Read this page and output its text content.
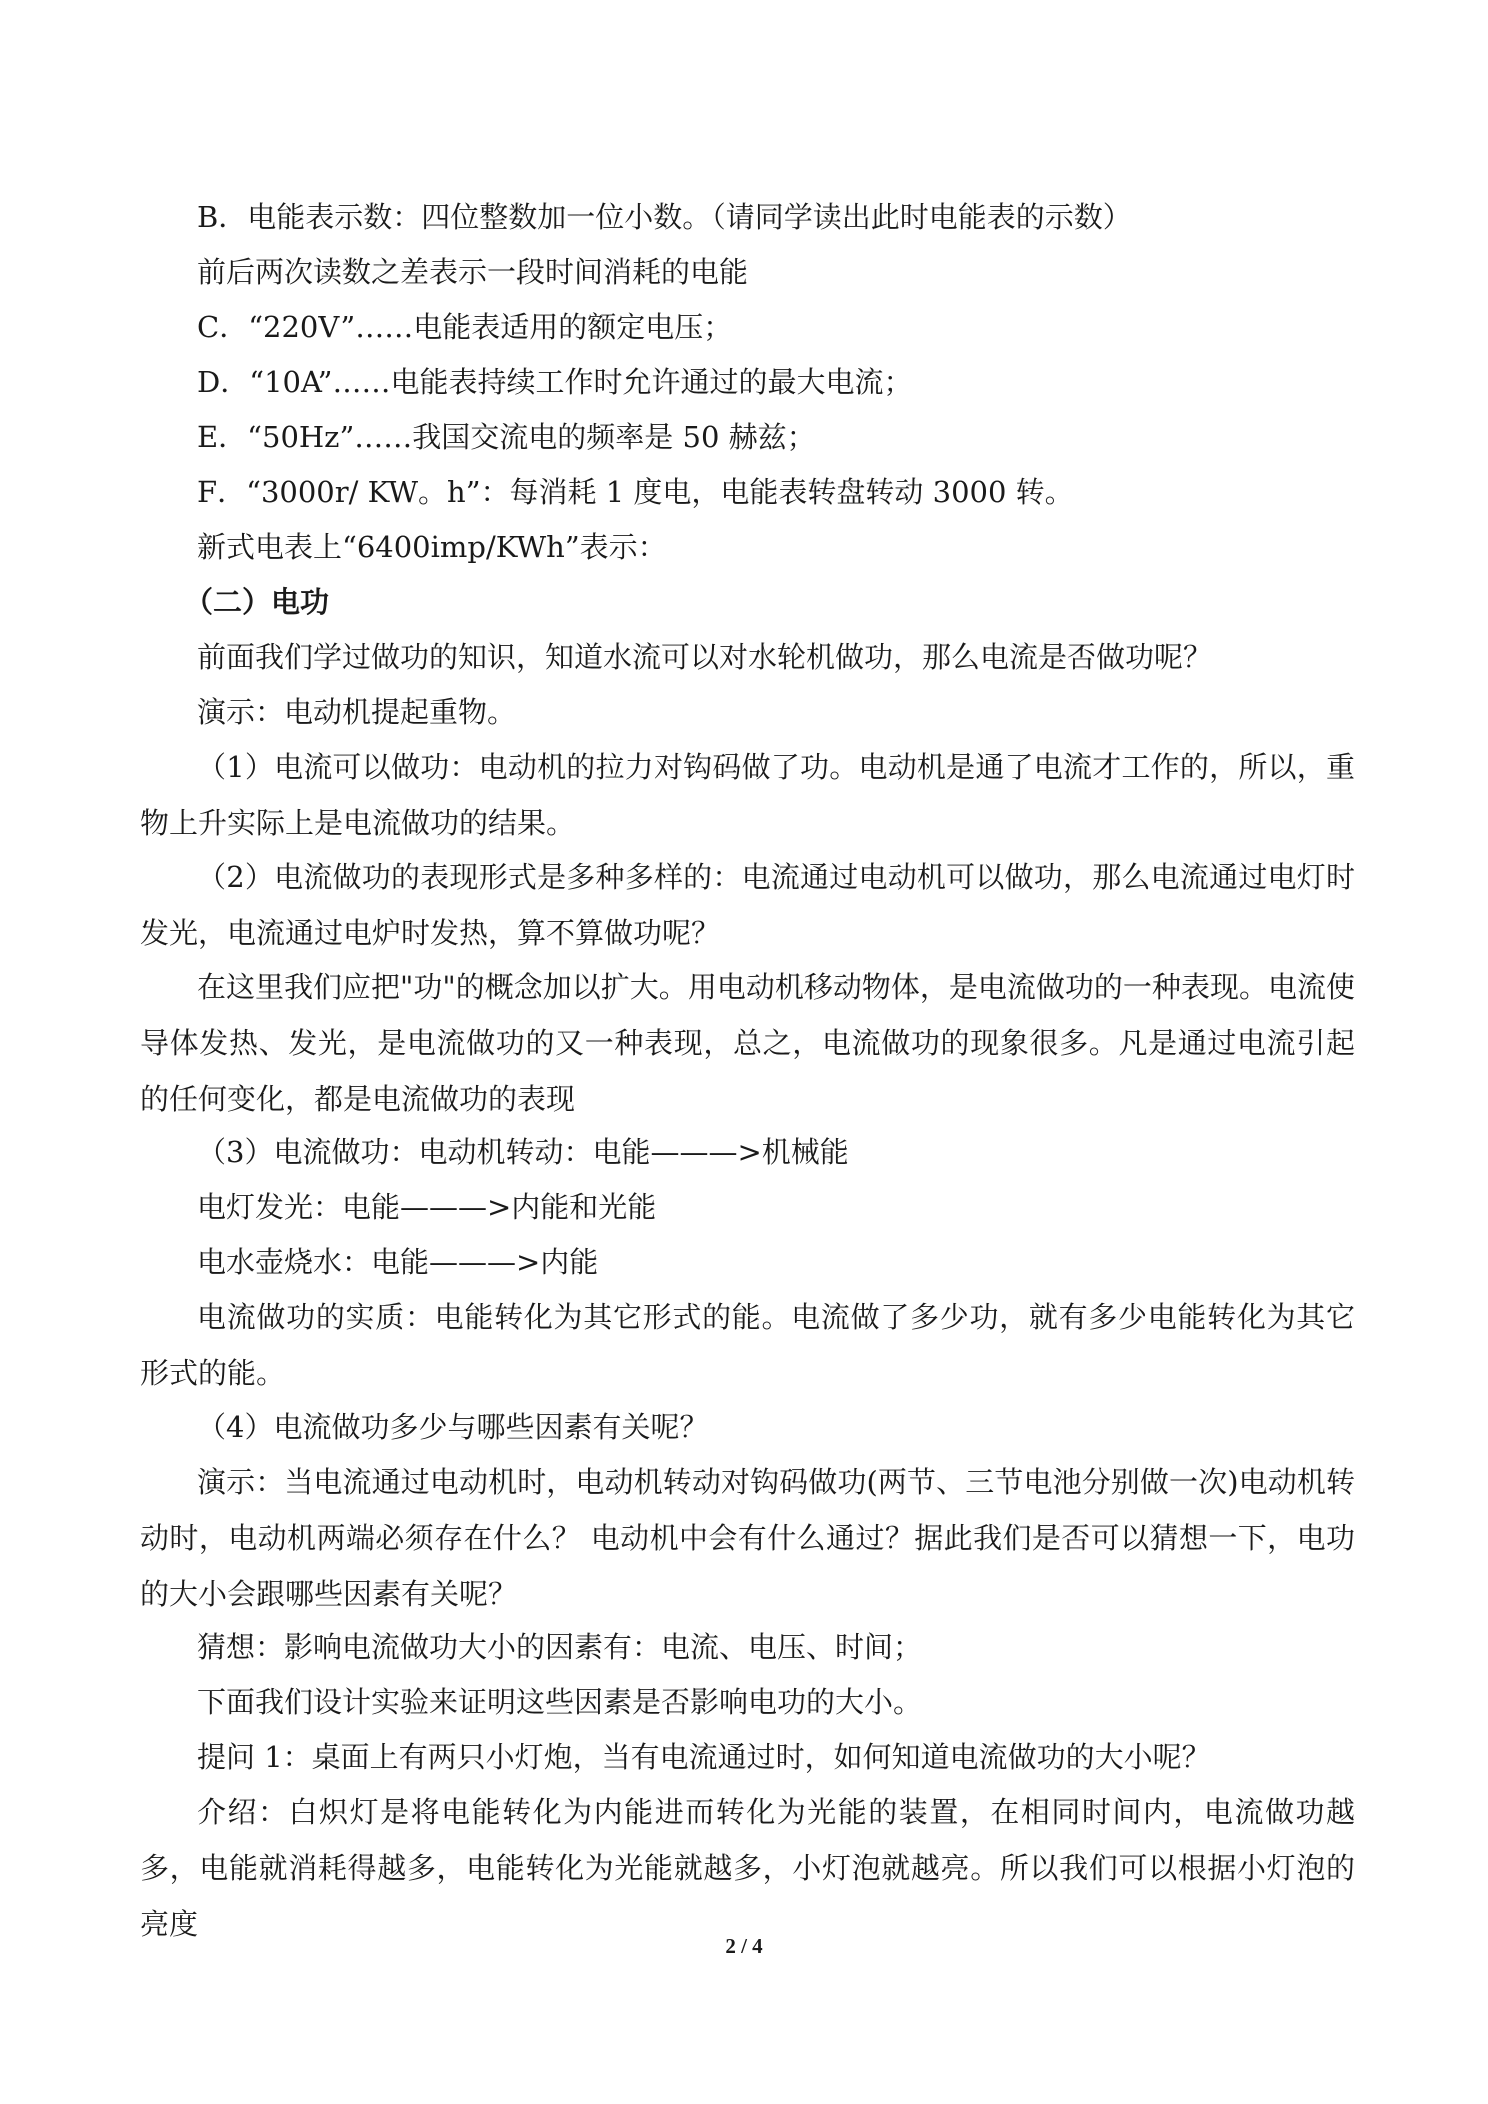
B．电能表示数：四位整数加一位小数。（请同学读出此时电能表的示数）
前后两次读数之差表示一段时间消耗的电能
C．“220V”……电能表适用的额定电压；
D．“10A”……电能表持续工作时允许通过的最大电流；
E．“50Hz”……我国交流电的频率是 50 赫兹；
F．“3000r/ KW。h”：每消耗 1 度电，电能表转盘转动 3000 转。
新式电表上“6400imp/KWh”表示：
（二）电功
前面我们学过做功的知识，知道水流可以对水轮机做功，那么电流是否做功呢？
演示：电动机提起重物。
（1）电流可以做功：电动机的拉力对钩码做了功。电动机是通了电流才工作的，所以，重物上升实际上是电流做功的结果。
（2）电流做功的表现形式是多种多样的：电流通过电动机可以做功，那么电流通过电灯时发光，电流通过电炉时发热，算不算做功呢？
在这里我们应把"功"的概念加以扩大。用电动机移动物体，是电流做功的一种表现。电流使导体发热、发光，是电流做功的又一种表现，总之，电流做功的现象很多。凡是通过电流引起的任何变化，都是电流做功的表现
（3）电流做功：电动机转动：电能———>机械能
电灯发光：电能———>内能和光能
电水壶烧水：电能———>内能
电流做功的实质：电能转化为其它形式的能。电流做了多少功，就有多少电能转化为其它形式的能。
（4）电流做功多少与哪些因素有关呢？
演示：当电流通过电动机时，电动机转动对钩码做功(两节、三节电池分别做一次)电动机转动时，电动机两端必须存在什么？ 电动机中会有什么通过？据此我们是否可以猜想一下，电功的大小会跟哪些因素有关呢？
猜想：影响电流做功大小的因素有：电流、电压、时间；
下面我们设计实验来证明这些因素是否影响电功的大小。
提问 1：桌面上有两只小灯炮，当有电流通过时，如何知道电流做功的大小呢？
介绍：白炽灯是将电能转化为内能进而转化为光能的装置，在相同时间内，电流做功越多，电能就消耗得越多，电能转化为光能就越多，小灯泡就越亮。所以我们可以根据小灯泡的亮度
2 / 4
